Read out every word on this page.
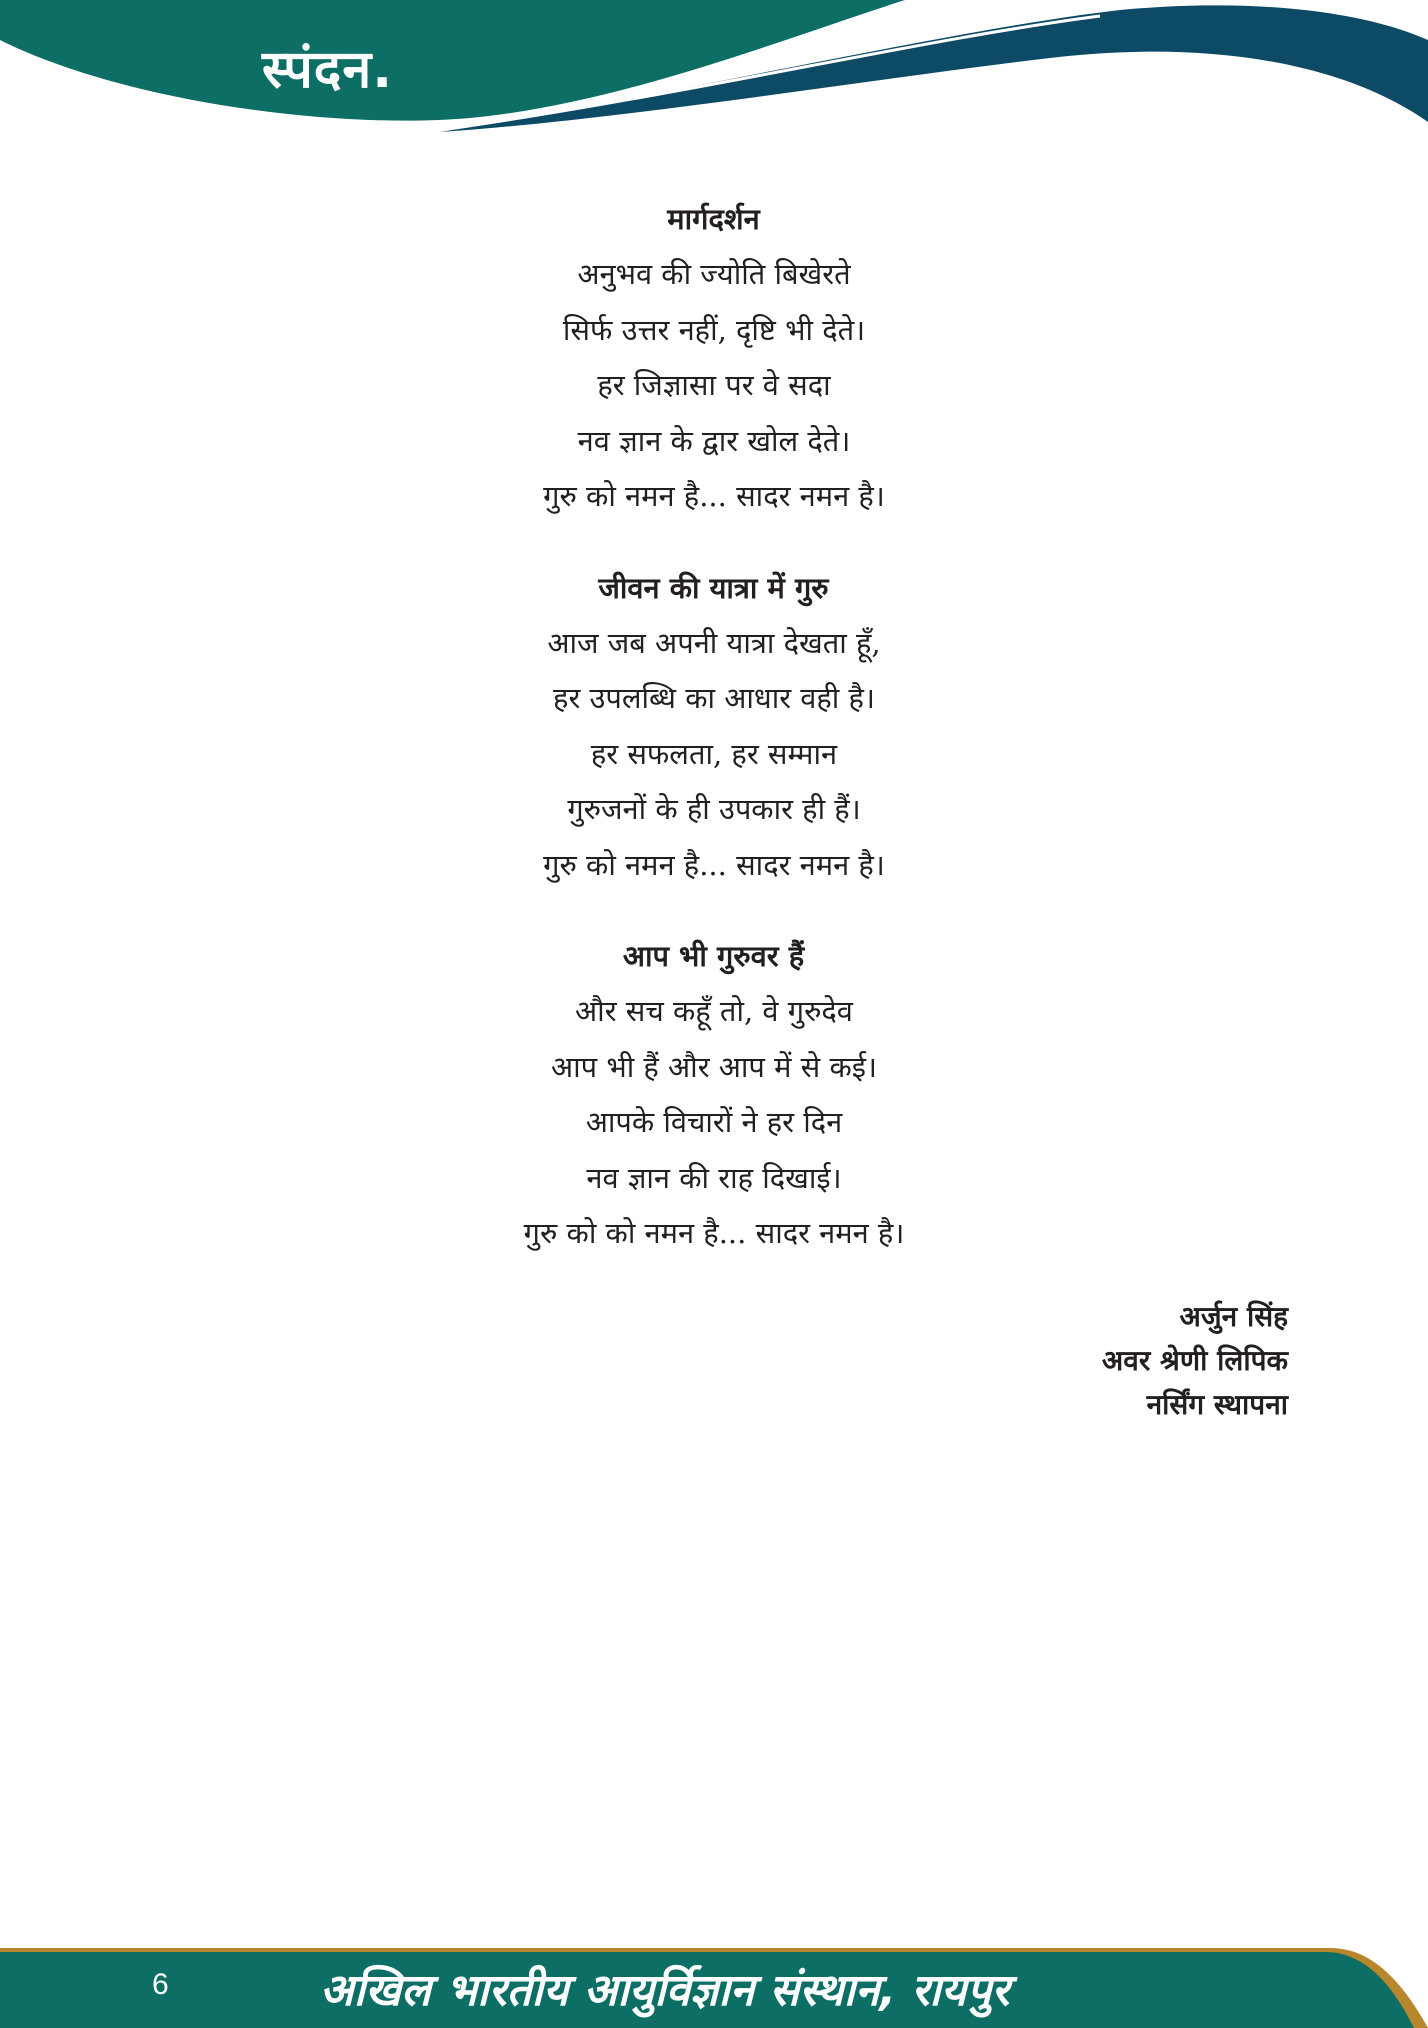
स्पंदन.
मार्गदर्शन
अनुभव की ज्योति बिखेरते
सिर्फ उत्तर नहीं, दृष्टि भी देते।
हर जिज्ञासा पर वे सदा
नव ज्ञान के द्वार खोल देते।
गुरु को नमन है... सादर नमन है।
जीवन की यात्रा में गुरु
आज जब अपनी यात्रा देखता हूँ,
हर उपलब्धि का आधार वही है।
हर सफलता, हर सम्मान
गुरुजनों के ही उपकार ही हैं।
गुरु को नमन है... सादर नमन है।
आप भी गुरुवर हैं
और सच कहूँ तो, वे गुरुदेव
आप भी हैं और आप में से कई।
आपके विचारों ने हर दिन
नव ज्ञान की राह दिखाई।
गुरु को को नमन है... सादर नमन है।
अर्जुन सिंह
अवर श्रेणी लिपिक
नर्सिंग स्थापना
6	अखिल भारतीय आयुर्विज्ञान संस्थान, रायपुर
